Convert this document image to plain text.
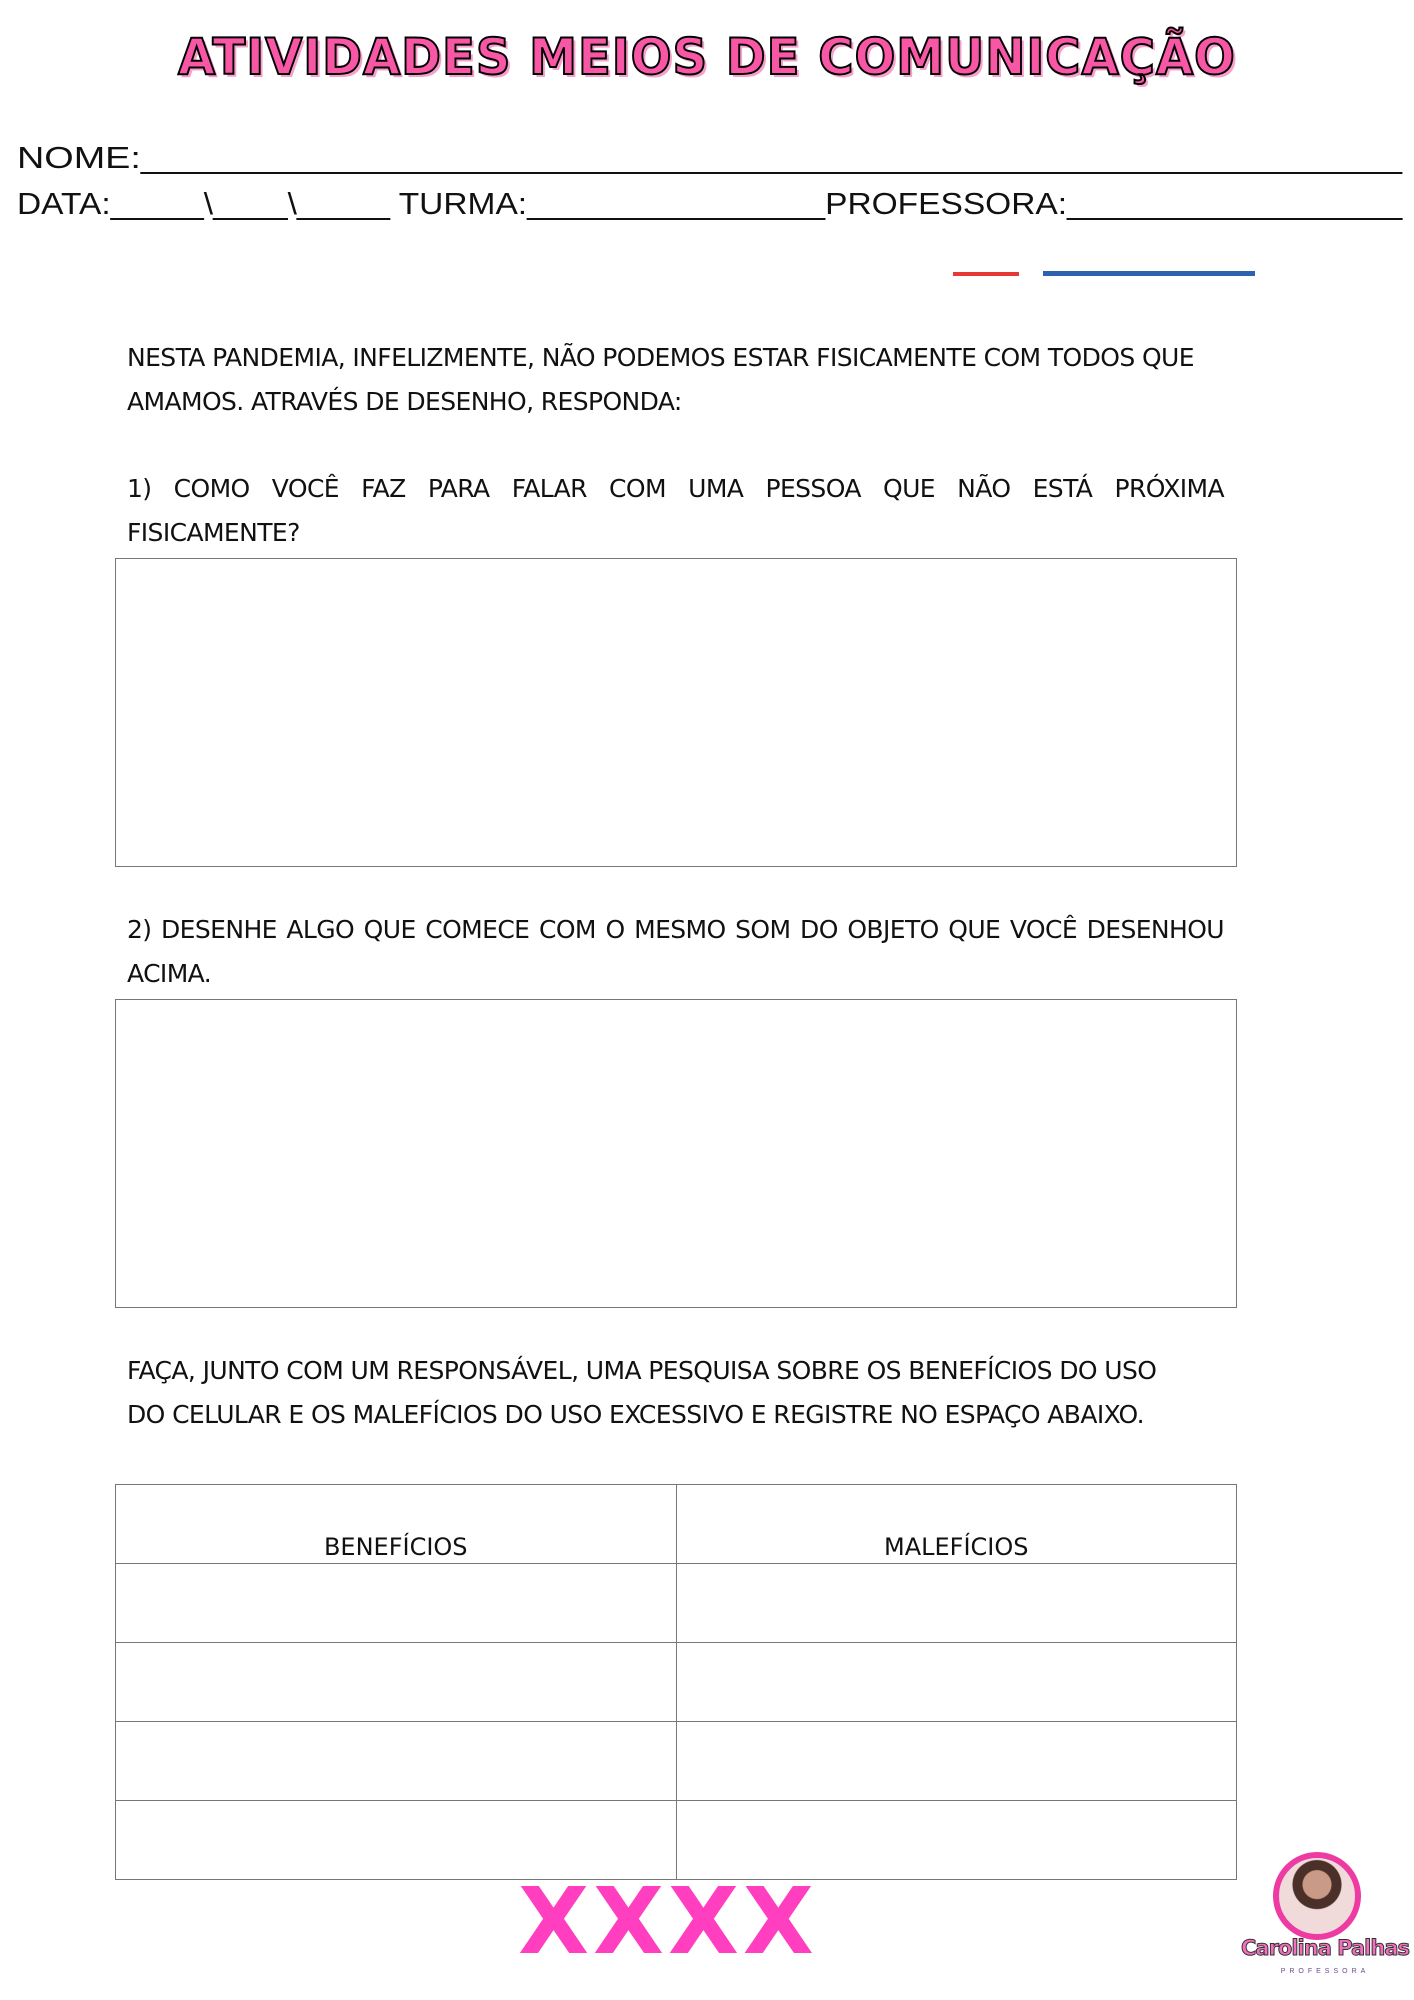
ATIVIDADES MEIOS DE COMUNICAÇÃO
NOME:____________________________________________________________
DATA:_____\____\_____ TURMA:________________PROFESSORA:__________________
NESTA PANDEMIA, INFELIZMENTE, NÃO PODEMOS ESTAR FISICAMENTE COM TODOS QUE AMAMOS. ATRAVÉS DE DESENHO, RESPONDA:
1) COMO VOCÊ FAZ PARA FALAR COM UMA PESSOA QUE NÃO ESTÁ PRÓXIMA FISICAMENTE?
2) DESENHE ALGO QUE COMECE COM O MESMO SOM DO OBJETO QUE VOCÊ DESENHOU ACIMA.
FAÇA, JUNTO COM UM RESPONSÁVEL, UMA PESQUISA SOBRE OS BENEFÍCIOS DO USO DO CELULAR E OS MALEFÍCIOS DO USO EXCESSIVO E REGISTRE NO ESPAÇO ABAIXO.
BENEFÍCIOS	MALEFÍCIOS

XXXX	Carolina Palhas
PROFESSORA
